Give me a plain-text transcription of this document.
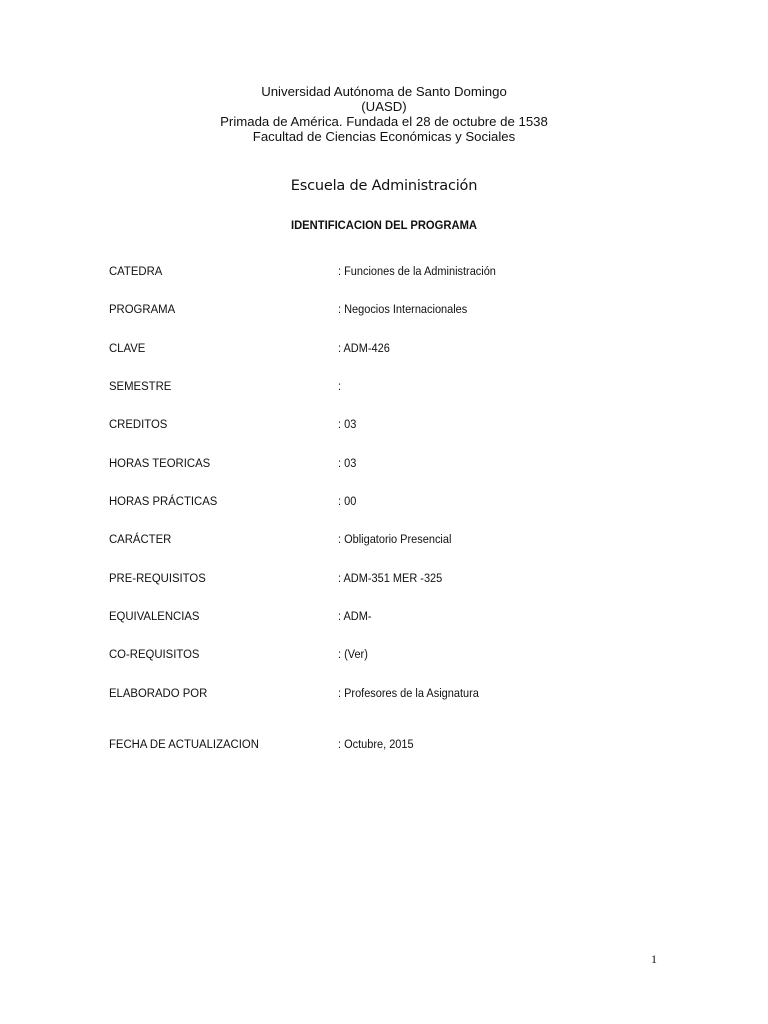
Universidad Autónoma de Santo Domingo
(UASD)
Primada de América. Fundada el 28 de octubre de 1538
Facultad de Ciencias Económicas y Sociales
Escuela de Administración
IDENTIFICACION DEL PROGRAMA
CATEDRA	: Funciones de la Administración
PROGRAMA	: Negocios Internacionales
CLAVE	: ADM-426
SEMESTRE	:
CREDITOS	: 03
HORAS TEORICAS	: 03
HORAS PRÁCTICAS	: 00
CARÁCTER	: Obligatorio Presencial
PRE-REQUISITOS	: ADM-351 MER -325
EQUIVALENCIAS	: ADM-
CO-REQUISITOS	: (Ver)
ELABORADO POR	: Profesores de la Asignatura
FECHA DE ACTUALIZACION	: Octubre, 2015
1
